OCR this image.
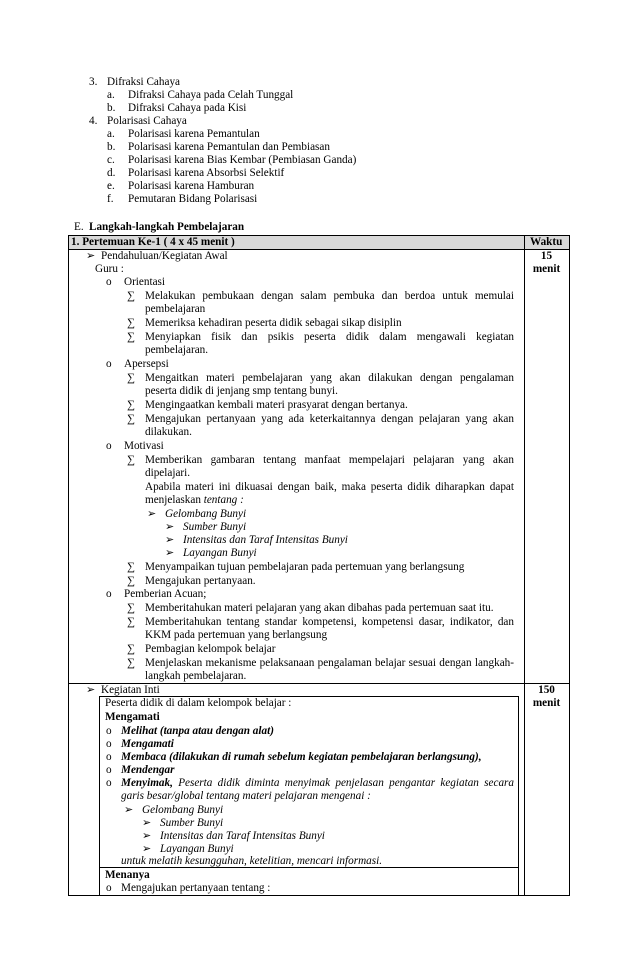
3. Difraksi Cahaya
a. Difraksi Cahaya pada Celah Tunggal
b. Difraksi Cahaya pada Kisi
4. Polarisasi Cahaya
a. Polarisasi karena Pemantulan
b. Polarisasi karena Pemantulan dan Pembiasan
c. Polarisasi karena Bias Kembar (Pembiasan Ganda)
d. Polarisasi karena Absorbsi Selektif
e. Polarisasi karena Hamburan
f. Pemutaran Bidang Polarisasi
E. Langkah-langkah Pembelajaran
1. Pertemuan Ke-1 ( 4 x 45 menit )	Waktu
15
menit
150
menit
➢ Pendahuluan/Kegiatan Awal
Guru :
o Orientasi
∑ Melakukan pembukaan dengan salam pembuka dan berdoa untuk memulai pembelajaran
∑ Memeriksa kehadiran peserta didik sebagai sikap disiplin
∑ Menyiapkan fisik dan psikis peserta didik dalam mengawali kegiatan pembelajaran.
o Apersepsi
∑ Mengaitkan materi pembelajaran yang akan dilakukan dengan pengalaman peserta didik di jenjang smp tentang bunyi.
∑ Mengingaatkan kembali materi prasyarat dengan bertanya.
∑ Mengajukan pertanyaan yang ada keterkaitannya dengan pelajaran yang akan dilakukan.
o Motivasi
∑ Memberikan gambaran tentang manfaat mempelajari pelajaran yang akan dipelajari.
Apabila materi ini dikuasai dengan baik, maka peserta didik diharapkan dapat menjelaskan tentang :
➢ Gelombang Bunyi
➢ Sumber Bunyi
➢ Intensitas dan Taraf Intensitas Bunyi
➢ Layangan Bunyi
∑ Menyampaikan tujuan pembelajaran pada pertemuan yang berlangsung
∑ Mengajukan pertanyaan.
o Pemberian Acuan;
∑ Memberitahukan materi pelajaran yang akan dibahas pada pertemuan saat itu.
∑ Memberitahukan tentang standar kompetensi, kompetensi dasar, indikator, dan KKM pada pertemuan yang berlangsung
∑ Pembagian kelompok belajar
∑ Menjelaskan mekanisme pelaksanaan pengalaman belajar sesuai dengan langkah-langkah pembelajaran.
➢ Kegiatan Inti
Peserta didik di dalam kelompok belajar :
Mengamati
o Melihat (tanpa atau dengan alat)
o Mengamati
o Membaca (dilakukan di rumah sebelum kegiatan pembelajaran berlangsung),
o Mendengar
o Menyimak, Peserta didik diminta menyimak penjelasan pengantar kegiatan secara garis besar/global tentang materi pelajaran mengenai :
➢ Gelombang Bunyi
➢ Sumber Bunyi
➢ Intensitas dan Taraf Intensitas Bunyi
➢ Layangan Bunyi
untuk melatih kesungguhan, ketelitian, mencari informasi.
Menanya
o Mengajukan pertanyaan tentang :
